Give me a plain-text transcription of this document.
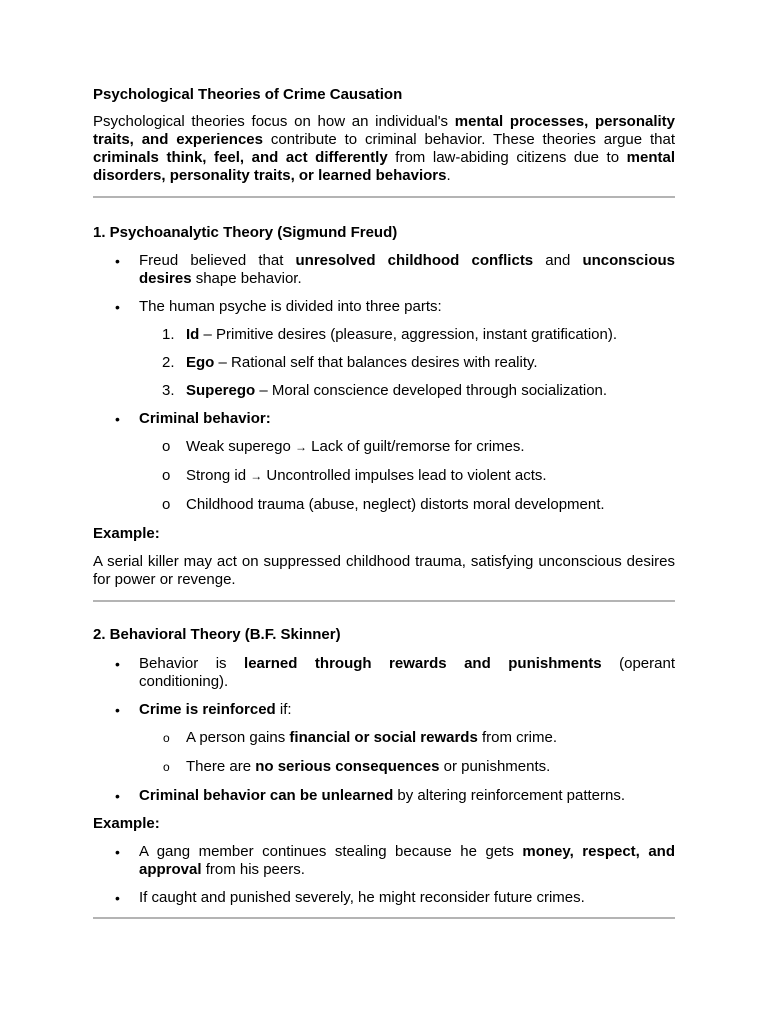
Psychological Theories of Crime Causation

Psychological theories focus on how an individual's mental processes, personality traits, and experiences contribute to criminal behavior. These theories argue that criminals think, feel, and act differently from law-abiding citizens due to mental disorders, personality traits, or learned behaviors.

1. Psychoanalytic Theory (Sigmund Freud)

• Freud believed that unresolved childhood conflicts and unconscious desires shape behavior.
• The human psyche is divided into three parts:
1. Id – Primitive desires (pleasure, aggression, instant gratification).
2. Ego – Rational self that balances desires with reality.
3. Superego – Moral conscience developed through socialization.
• Criminal behavior:
o Weak superego → Lack of guilt/remorse for crimes.
o Strong id → Uncontrolled impulses lead to violent acts.
o Childhood trauma (abuse, neglect) distorts moral development.

Example:

A serial killer may act on suppressed childhood trauma, satisfying unconscious desires for power or revenge.

2. Behavioral Theory (B.F. Skinner)

• Behavior is learned through rewards and punishments (operant conditioning).
• Crime is reinforced if:
o A person gains financial or social rewards from crime.
o There are no serious consequences or punishments.
• Criminal behavior can be unlearned by altering reinforcement patterns.

Example:

• A gang member continues stealing because he gets money, respect, and approval from his peers.
• If caught and punished severely, he might reconsider future crimes.
